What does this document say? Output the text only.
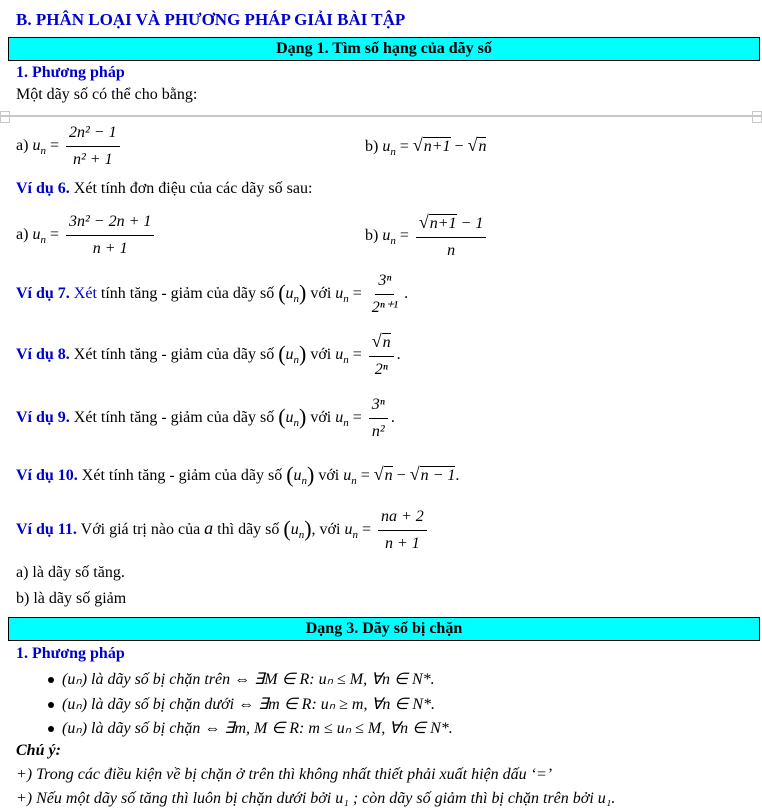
B. PHÂN LOẠI VÀ PHƯƠNG PHÁP GIẢI BÀI TẬP
Dạng 1. Tìm số hạng của dãy số
1. Phương pháp
Một dãy số có thể cho bằng:
a) $u_n = \frac{\text{2n² − 1}}{\text{n² + 1}}$	b) $u_n = √n+1 - √n$
Ví dụ 6. Xét tính đơn điệu của các dãy số sau:
a) $u_n = \frac{\text{3n² − 2n + 1}}{n + 1}$	b) $u_n = \frac{√n+1 - 1}{n}$
Ví dụ 7. Xét tính tăng - giảm của dãy số $(u_n)$ với $u_n = \frac{\text{3ⁿ}}{\text{2ⁿ⁺¹}}$ .
Ví dụ 8. Xét tính tăng - giảm của dãy số $(u_n)$ với $u_n = \frac{√n}{\text{2ⁿ}}$ .
Ví dụ 9. Xét tính tăng - giảm của dãy số $(u_n)$ với $u_n = \frac{\text{3ⁿ}}{\text{n²}}$ .
Ví dụ 10. Xét tính tăng - giảm của dãy số $(u_n)$ với $u_n = √n - √n - 1$.
Ví dụ 11. Với giá trị nào của a thì dãy số $(u_n)$, với $u_n = \frac{na + 2}{n + 1}$
a) là dãy số tăng.
b) là dãy số giảm
Dạng 3. Dãy số bị chặn
1. Phương pháp
(uₙ) là dãy số bị chặn trên ⇔ ∃M ∈ R: uₙ ≤ M, ∀n ∈ N*.
(uₙ) là dãy số bị chặn dưới ⇔ ∃m ∈ R: uₙ ≥ m, ∀n ∈ N*.
(uₙ) là dãy số bị chặn ⇔ ∃m, M ∈ R: m ≤ uₙ ≤ M, ∀n ∈ N*.
Chú ý:
+) Trong các điều kiện về bị chặn ở trên thì không nhất thiết phải xuất hiện dấu ‘=’
+) Nếu một dãy số tăng thì luôn bị chặn dưới bởi u₁ ; còn dãy số giảm thì bị chặn trên bởi u₁.
